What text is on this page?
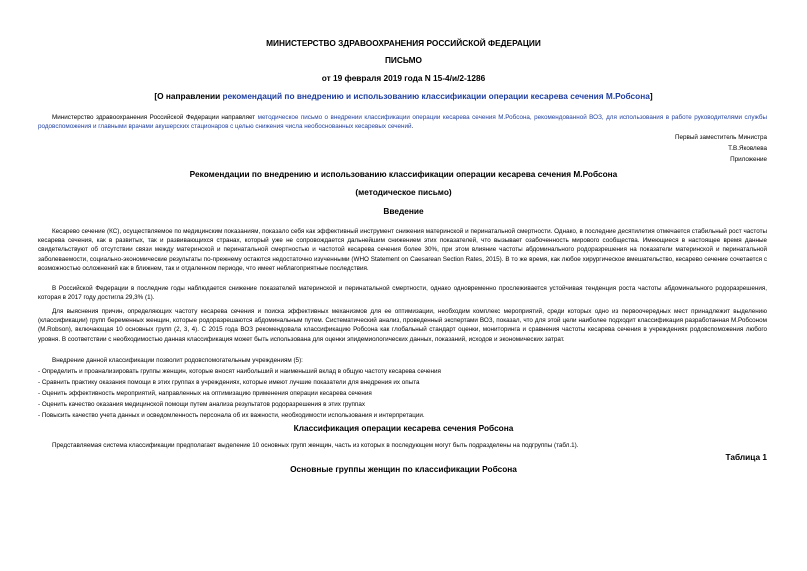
МИНИСТЕРСТВО ЗДРАВООХРАНЕНИЯ РОССИЙСКОЙ ФЕДЕРАЦИИ
ПИСЬМО
от 19 февраля 2019 года N 15-4/и/2-1286
[О направлении рекомендаций по внедрению и использованию классификации операции кесарева сечения М.Робсона]
Министерство здравоохранения Российской Федерации направляет методическое письмо о внедрении классификации операции кесарева сечения М.Робсона, рекомендованной ВОЗ, для использования в работе руководителями службы родовспоможения и главными врачами акушерских стационаров с целью снижения числа необоснованных кесаревых сечений.
Первый заместитель Министра
Т.В.Яковлева
Приложение
Рекомендации по внедрению и использованию классификации операции кесарева сечения М.Робсона
(методическое письмо)
Введение
Кесарево сечение (КС), осуществляемое по медицинским показаниям, показало себя как эффективный инструмент снижения материнской и перинатальной смертности. Однако, в последние десятилетия отмечается стабильный рост частоты кесарева сечения, как в развитых, так и развивающихся странах, который уже не сопровождается дальнейшим снижением этих показателей, что вызывает озабоченность мирового сообщества. Имеющиеся в настоящее время данные свидетельствуют об отсутствии связи между материнской и перинатальной смертностью и частотой кесарева сечения более 30%, при этом влияние частоты абдоминального родоразрешения на показатели материнской и перинатальной заболеваемости, социально-экономические результаты по-прежнему остаются недостаточно изученными (WHO Statement on Caesarean Section Rates, 2015). В то же время, как любое хирургическое вмешательство, кесарево сечение сочетается с возможностью осложнений как в ближнем, так и отдаленном периоде, что имеет неблагоприятные последствия.
В Российской Федерации в последние годы наблюдается снижение показателей материнской и перинатальной смертности, однако одновременно прослеживается устойчивая тенденция роста частоты абдоминального родоразрешения, которая в 2017 году достигла 29,3% (1).
Для выяснения причин, определяющих частоту кесарева сечения и поиска эффективных механизмов для ее оптимизации, необходим комплекс мероприятий, среди которых одно из первоочередных мест принадлежит выделению (классификации) групп беременных женщин, которые родоразрешаются абдоминальным путем. Систематический анализ, проведенный экспертами ВОЗ, показал, что для этой цели наиболее подходит классификация разработанная М.Робсоном (M.Robson), включающая 10 основных групп (2, 3, 4). С 2015 года ВОЗ рекомендовала классификацию Робсона как глобальный стандарт оценки, мониторинга и сравнения частоты кесарева сечения в учреждениях родовспоможения любого уровня. В соответствии с необходимостью данная классификация может быть использована для оценки эпидемиологических данных, показаний, исходов и экономических затрат.
Внедрение данной классификации позволит родовспомогательным учреждениям (5):
- Определить и проанализировать группы женщин, которые вносят наибольший и наименьший вклад в общую частоту кесарева сечения
- Сравнить практику оказания помощи в этих группах в учреждениях, которые имеют лучшие показатели для внедрения их опыта
- Оценить эффективность мероприятий, направленных на оптимизацию применения операции кесарева сечения
- Оценить качество оказания медицинской помощи путем анализа результатов родоразрешения в этих группах
- Повысить качество учета данных и осведомленность персонала об их важности, необходимости использования и интерпретации.
Классификация операции кесарева сечения Робсона
Представляемая система классификации предполагает выделение 10 основных групп женщин, часть из которых в последующем могут быть подразделены на подгруппы (табл.1).
Таблица 1
Основные группы женщин по классификации Робсона
